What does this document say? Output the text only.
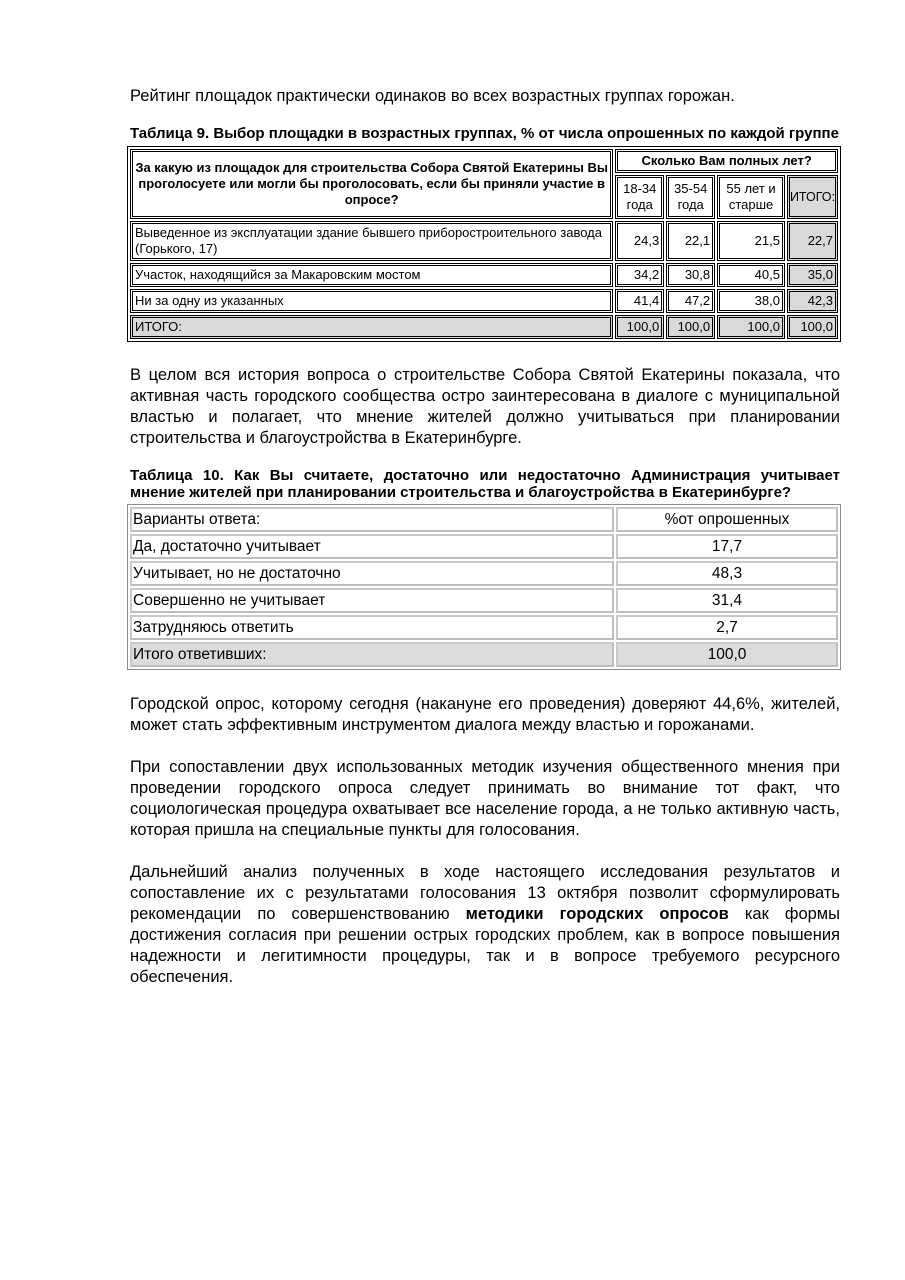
Рейтинг площадок практически одинаков во всех возрастных группах горожан.

Таблица 9. Выбор площадки в возрастных группах, % от числа опрошенных по каждой группе

За какую из площадок для строительства Собора Святой Екатерины Вы проголосуете или могли бы проголосовать, если бы приняли участие в опросе?	Сколько Вам полных лет?			
	18-34 года	35-54 года	55 лет и старше	ИТОГО:
Выведенное из эксплуатации здание бывшего приборостроительного завода (Горького, 17)	24,3	22,1	21,5	22,7
Участок, находящийся за Макаровским мостом	34,2	30,8	40,5	35,0
Ни за одну из указанных	41,4	47,2	38,0	42,3
ИТОГО:	100,0	100,0	100,0	100,0

В целом вся история вопроса о строительстве Собора Святой Екатерины показала, что активная часть городского сообщества остро заинтересована в диалоге с муниципальной властью и полагает, что мнение жителей должно учитываться при планировании строительства и благоустройства в Екатеринбурге.

Таблица 10. Как Вы считаете, достаточно или недостаточно Администрация учитывает мнение жителей при планировании строительства и благоустройства в Екатеринбурге?

Варианты ответа:	%от опрошенных
Да, достаточно учитывает	17,7
Учитывает, но не достаточно	48,3
Совершенно не учитывает	31,4
Затрудняюсь ответить	2,7
Итого ответивших:	100,0

Городской опрос, которому сегодня (накануне его проведения) доверяют 44,6%, жителей, может стать эффективным инструментом диалога между властью и горожанами.

При сопоставлении двух использованных методик изучения общественного мнения при проведении городского опроса следует принимать во внимание тот факт, что социологическая процедура охватывает все население города, а не только активную часть, которая пришла на специальные пункты для голосования.

Дальнейший анализ полученных в ходе настоящего исследования результатов и сопоставление их с результатами голосования 13 октября позволит сформулировать рекомендации по совершенствованию методики городских опросов как формы достижения согласия при решении острых городских проблем, как в вопросе повышения надежности и легитимности процедуры, так и в вопросе требуемого ресурсного обеспечения.
